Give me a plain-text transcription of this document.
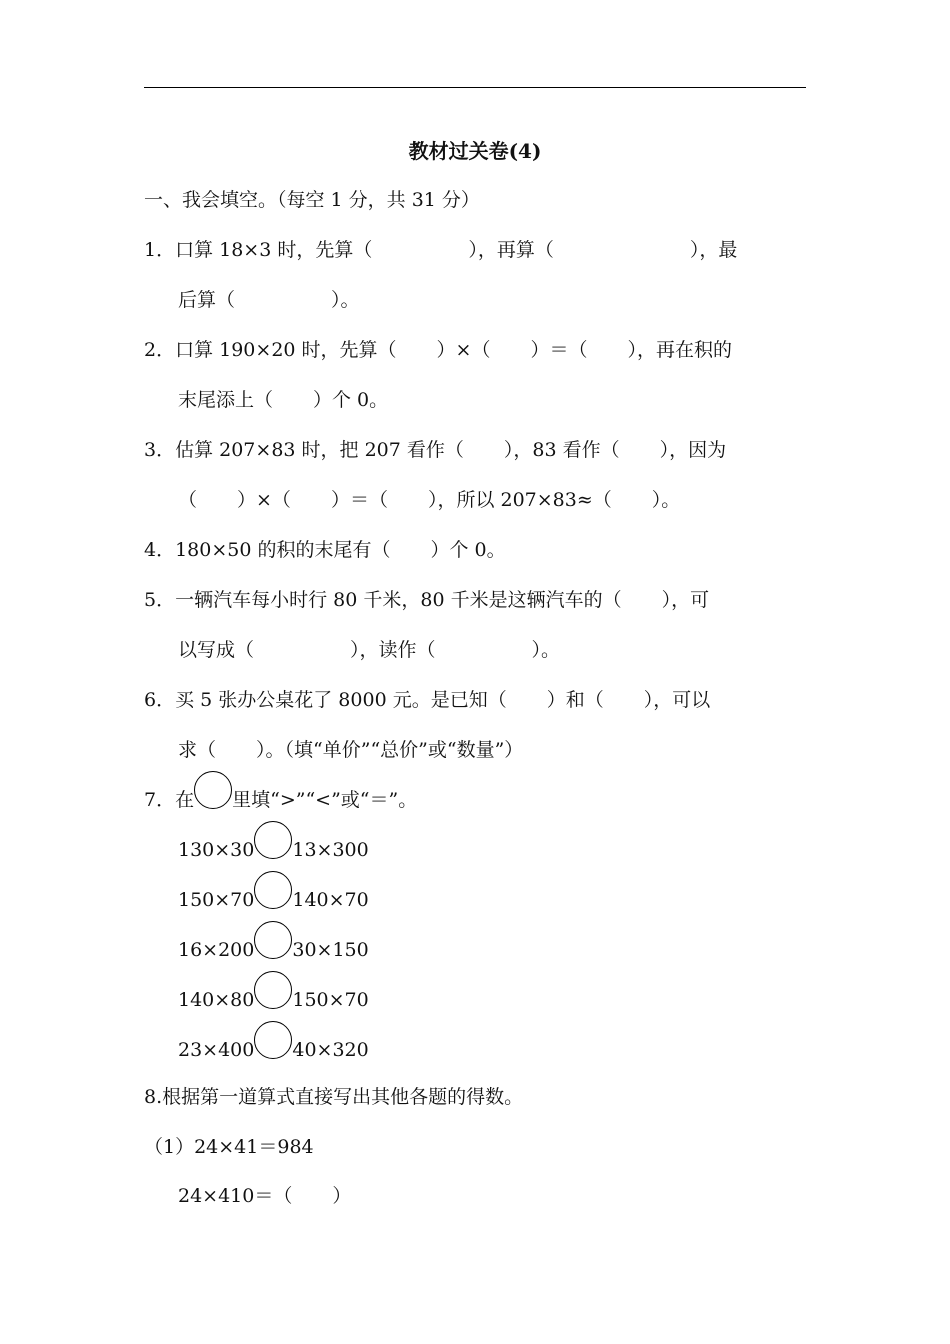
教材过关卷(4)
一、我会填空。（每空 1 分，共 31 分）
1．口算 18×3 时，先算（	），再算（	），最
后算（	）。
2．口算 190×20 时，先算（ ）×（ ）＝（ ），再在积的
末尾添上（ ）个 0。
3．估算 207×83 时，把 207 看作（ ），83 看作（ ），因为
（ ）×（ ）＝（ ），所以 207×83≈（ ）。
4．180×50 的积的末尾有（ ）个 0。
5．一辆汽车每小时行 80 千米，80 千米是这辆汽车的（ ），可
以写成（	），读作（	）。
6．买 5 张办公桌花了 8000 元。是已知（ ）和（ ），可以
求（ ）。（填“单价”“总价”或“数量”）
7．在 里填“>”“<”或“＝”。
130×30 13×300
150×70 140×70
16×200 30×150
140×80 150×70
23×400 40×320
8.根据第一道算式直接写出其他各题的得数。
（1）24×41＝984
24×410＝（ ）
